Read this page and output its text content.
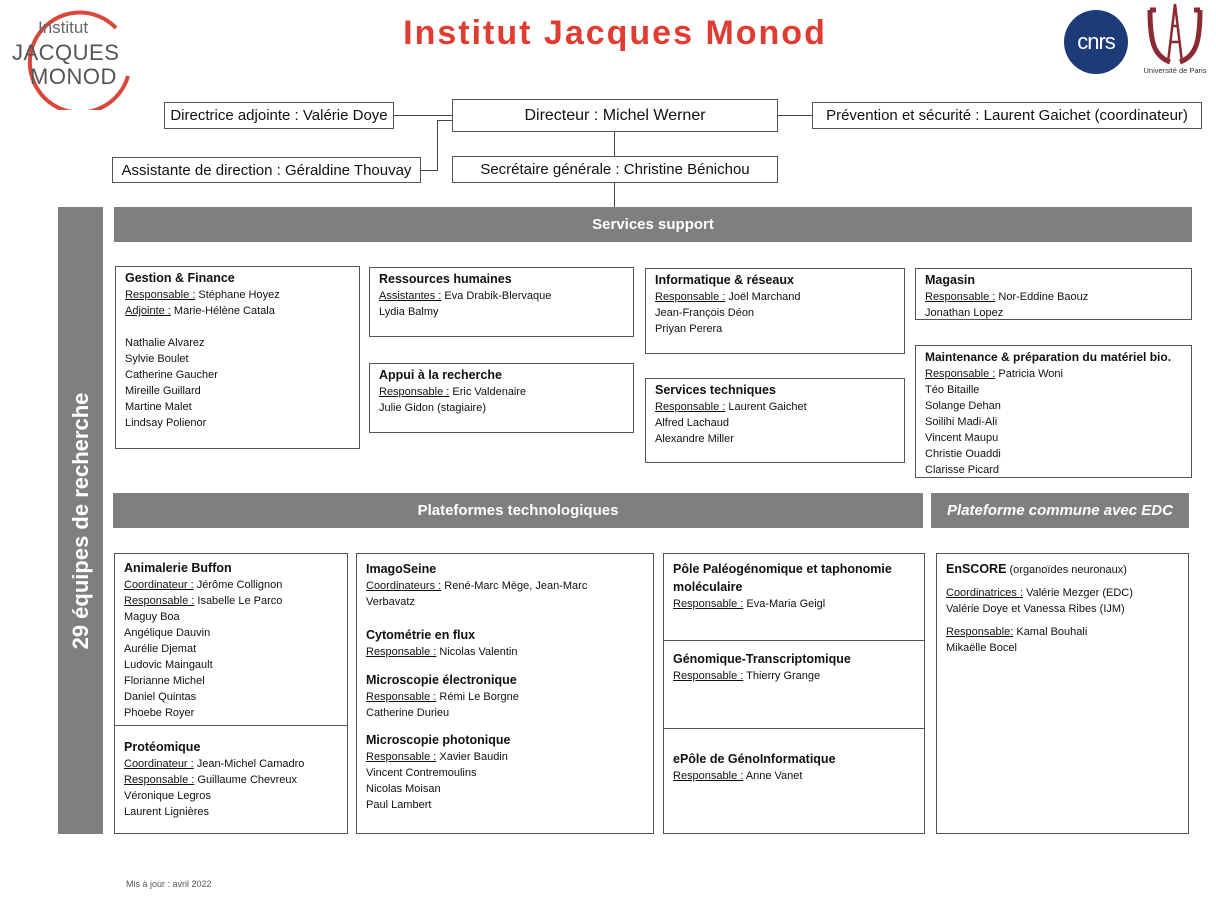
Institut
JACQUES
MONOD
Institut Jacques Monod	cnrs
Université de Paris
Directrice adjointe : Valérie Doye	Directeur : Michel Werner	Prévention et sécurité : Laurent Gaichet (coordinateur)
Assistante de direction : Géraldine Thouvay	Secrétaire générale : Christine Bénichou
29 équipes de recherche
Services support
Gestion & Finance
Responsable : Stéphane Hoyez
Adjointe : Marie-Hélène Catala
Nathalie Alvarez
Sylvie Boulet
Catherine Gaucher
Mireille Guillard
Martine Malet
Lindsay Polienor
Ressources humaines
Assistantes : Eva Drabik-Blervaque
Lydia Balmy
Appui à la recherche
Responsable : Eric Valdenaire
Julie Gidon (stagiaire)
Informatique & réseaux
Responsable : Joël Marchand
Jean-François Déon
Priyan Perera
Services techniques
Responsable : Laurent Gaichet
Alfred Lachaud
Alexandre Miller
Magasin
Responsable : Nor-Eddine Baouz
Jonathan Lopez
Maintenance & préparation du matériel bio.
Responsable : Patricia Woni
Téo Bitaille
Solange Dehan
Soilihi Madi-Ali
Vincent Maupu
Christie Ouaddi
Clarisse Picard
Plateformes technologiques	Plateforme commune avec EDC
Animalerie Buffon
Coordinateur : Jérôme Collignon
Responsable : Isabelle Le Parco
Maguy Boa
Angélique Dauvin
Aurélie Djemat
Ludovic Maingault
Florianne Michel
Daniel Quintas
Phoebe Royer
Protéomique
Coordinateur : Jean-Michel Camadro
Responsable : Guillaume Chevreux
Véronique Legros
Laurent Lignières
ImagoSeine
Coordinateurs : René-Marc Mège, Jean-Marc
Verbavatz
Cytométrie en flux
Responsable : Nicolas Valentin
Microscopie électronique
Responsable : Rémi Le Borgne
Catherine Durieu
Microscopie photonique
Responsable : Xavier Baudin
Vincent Contremoulins
Nicolas Moisan
Paul Lambert
Pôle Paléogénomique et taphonomie
moléculaire
Responsable : Eva-Maria Geigl
Génomique-Transcriptomique
Responsable : Thierry Grange
ePôle de GénoInformatique
Responsable : Anne Vanet
EnSCORE (organoïdes neuronaux)
Coordinatrices : Valérie Mezger (EDC)
Valérie Doye et Vanessa Ribes (IJM)
Responsable: Kamal Bouhali
Mikaëlle Bocel
Mis à jour : avril 2022
